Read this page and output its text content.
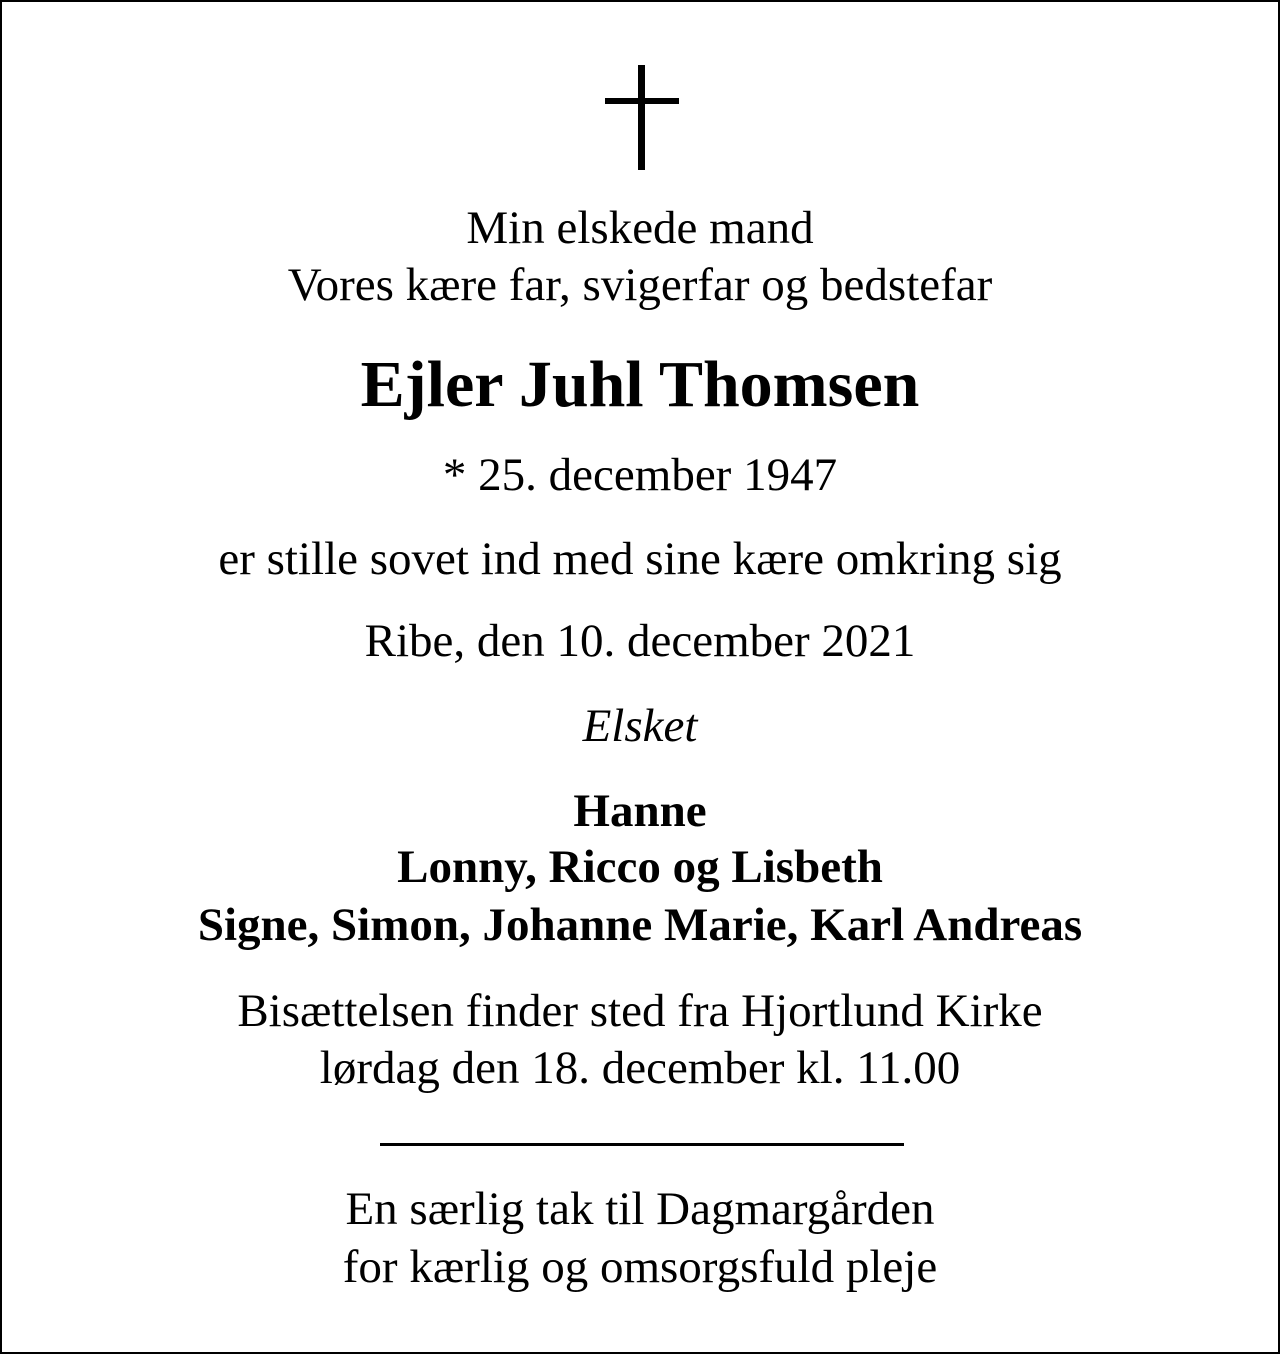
Min elskede mand
Vores kære far, svigerfar og bedstefar
Ejler Juhl Thomsen
* 25. december 1947
er stille sovet ind med sine kære omkring sig
Ribe, den 10. december 2021
Elsket
Hanne
Lonny, Ricco og Lisbeth
Signe, Simon, Johanne Marie, Karl Andreas
Bisættelsen finder sted fra Hjortlund Kirke
lørdag den 18. december kl. 11.00
En særlig tak til Dagmargården
for kærlig og omsorgsfuld pleje
